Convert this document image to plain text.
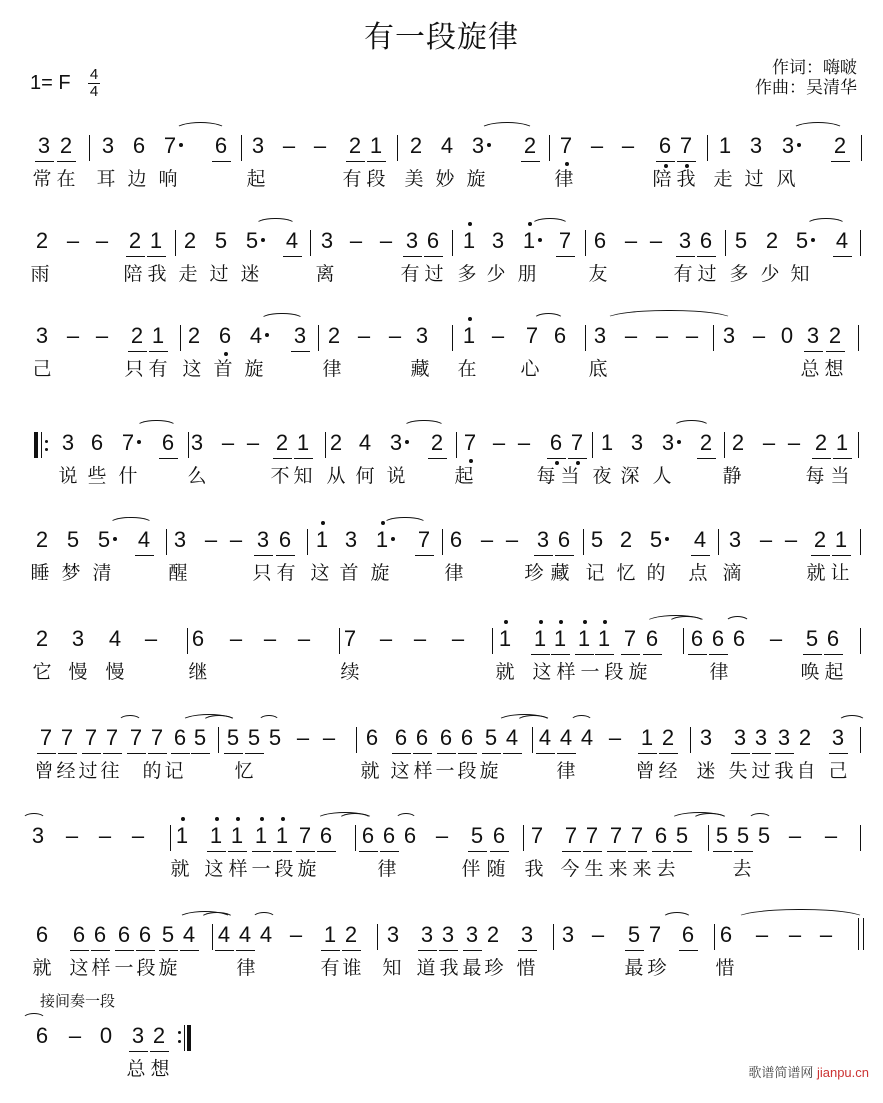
有一段旋律
1= F 4
4
作词：嗨啵
作曲：吴清华
3 2 3 6 7 6 3 – – 2 1 2 4 3 2 7 – – 6 7 1 3 3 2
常 在 耳 边 响	起	有 段 美 妙 旋	律	陪 我 走 过 风
2 – – 2 1 2 5 5 4 3 – – 3 6 1 3 1 7 6 – – 3 6 5 2 5 4
雨	陪 我 走 过 迷	离	有 过 多 少 朋	友	有 过 多 少 知
3 – – 2 1 2 6 4 3 2 – – 3 1 – 7 6 3 – – – 3 – 0 3 2
己	只 有 这 首 旋	律	藏 在 心	底	总 想
3 6 7 6 3 – – 2 1 2 4 3 2 7 – – 6 7 1 3 3 2 2 – – 2 1
说 些 什	么	不 知 从 何 说	起	每 当 夜 深 人	静	每 当
2 5 5 4 3 – – 3 6 1 3 1 7 6 – – 3 6 5 2 5 4 3 – – 2 1
睡 梦 清	醒	只 有 这 首 旋	律	珍 藏 记 忆 的 点 滴	就 让
2 3 4 – 6 – – – 7 – – – 1 1 1 1 1 7 6 6 6 6 – 5 6
它 慢 慢	继	续	就 这 样 一 段 旋	律	唤 起
7 7 7 7 7 7 6 5 5 5 5 – – 6 6 6 6 6 5 4 4 4 4 – 1 2 3 3 3 3 2 3
曾 经 过 往 的 记	忆	就 这 样 一 段 旋	律	曾 经 迷 失 过 我 自 己
3 – – – 1 1 1 1 1 7 6 6 6 6 – 5 6 7 7 7 7 7 6 5 5 5 5 – –
就 这 样 一 段 旋	律	伴 随 我 今 生 来 来 去	去
6 6 6 6 6 5 4 4 4 4 – 1 2 3 3 3 3 2 3 3 – 5 7 6 6 – – –
就 这 样 一 段 旋	律	有 谁 知 道 我 最 珍 惜	最 珍	惜
6 – 0 3 2
总 想
接间奏一段
歌谱简谱网 jianpu.cn
